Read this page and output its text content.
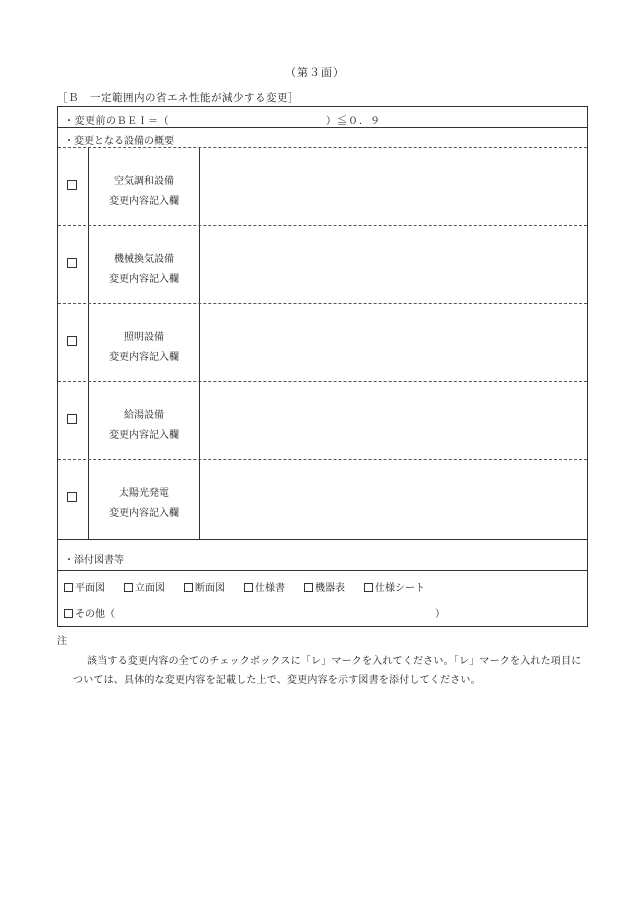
（第３面）
［Ｂ　一定範囲内の省エネ性能が減少する変更］
・変更前のＢＥＩ＝（	）≦０．９
・変更となる設備の概要
空気調和設備
変更内容記入欄
機械換気設備
変更内容記入欄
照明設備
変更内容記入欄
給湯設備
変更内容記入欄
太陽光発電
変更内容記入欄
・添付図書等
平面図	立面図	断面図	仕様書	機器表	仕様シート
その他（	）
注
該当する変更内容の全てのチェックボックスに「レ」マークを入れてください。「レ」マークを入れた項目については、具体的な変更内容を記載した上で、変更内容を示す図書を添付してください。
